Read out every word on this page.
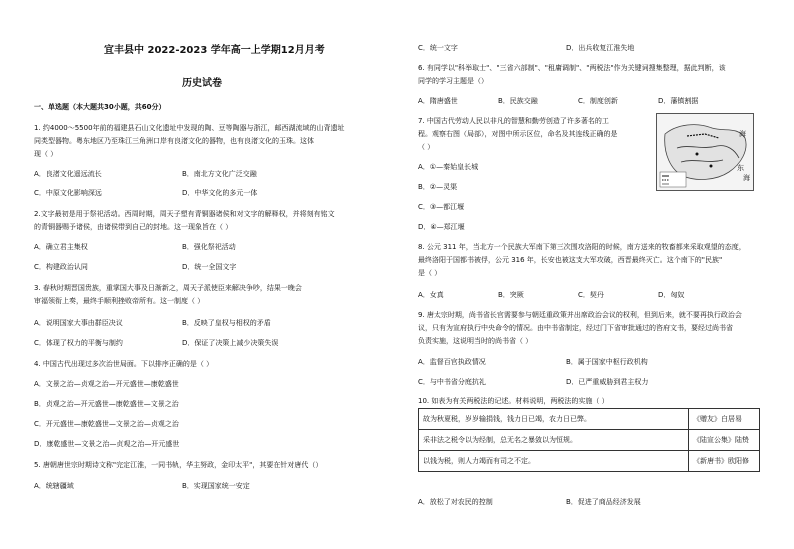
宜丰县中 2022-2023 学年高一上学期12月月考
历史试卷
一、单选题（本大题共30小题，共60分）
1. 约4000～5500年前的福建县石山文化遗址中发现的陶、豆等陶器与浙江，邮西湖流域的山背遗址
同类型器物。粤东地区乃至珠江三角洲口岸有良渚文化的器物，也有良渚文化的玉珠。这体
现（ ）
A．良渚文化遥远流长	B．南北方文化广泛交融
C．中原文化影响深远	D．中华文化的多元一体
2.文字最初是用于祭祀活动。西周时期，周天子塑有青铜器诸侯和对文字的解释权，并将刻有铭文
的青铜器赐予诸侯，由诸侯带到自己的封地。这一现象旨在（ ）
A．确立君主集权	B．强化祭祀活动
C．构建政治认同	D．统一全国文字
3. 春秋时期晋国贵族，重掌国大事及日渐新之，周天子派使臣来解决争吵，结果一晚会
审福领衔上奏，最终手顺利挫败帝所有。这一制度（ ）
A．说明国家大事由群臣决议	B．反映了皇权与相权的矛盾
C．体现了权力的平衡与制约	D．保证了决策上减少决策失误
4. 中国古代出现过多次治世局面。下以排序正确的是（ ）
A．文景之治—贞观之治—开元盛世—康乾盛世
B．贞观之治—开元盛世—康乾盛世—文景之治
C．开元盛世—康乾盛世—文景之治—贞观之治
D．康乾盛世—文景之治—贞观之治—开元盛世
5. 唐朝唐世宗时期诗文称"完定江淮，一同书轨，华主努政，金印太平"，其要在针对唐代（）
A．统辖疆域	B．实现国家统一安定
C．统一文字	D．出兵收复江淮失地
6. 有同学以"科举取士"、"三省六部制"、"租庸调制"、"两税法"作为关键词搜集整理，据此判断，该
同学的学习主题是（）
A．隋唐盛世	B．民族交融	C．制度创新	D．藩镇割据
7. 中国古代劳动人民以非凡的智慧和勤劳创造了许多著名的工
程。观察右图（局部），对图中所示区位，命名及其连线正确的是
（ ）
A．①—秦始皇长城
B．②—灵渠
C．③—都江堰
D．④—郑江堰
海
东
海
8. 公元 311 年，当北方一个民族大军南下第三次围攻洛阳的时候，南方送来的牧畜都来采取观望的态度，
最终洛阳于国都书被俘，公元 316 年，长安也被这支大军攻破，西晋最终灭亡。这个南下的"民族"
是（ ）
A．女真	B．突厥	C．契丹	D．匈奴
9. 唐太宗时期，尚书省长官需要参与朝廷重政策并出席政治会议的权利，但到后来，就不要再执行政治会
议，只有为宣府执行中央命令的情况。由中书省制定，经过门下省审批通过的咨府文书，要经过尚书省
负责实施，这说明当时的尚书省（ ）
A．监督百官执政情况	B．属于国家中枢行政机构
C．与中书省分庭抗礼	D．已严重威胁到君主权力
10. 如表为有关两税法的记述。材料说明，两税法的实施（ ）
故为秋夏税，岁岁输捐钱，钱力日已竭，农力日已弊。	《赠友》白居易
采非法之税令以为经制，总无名之暴敛以为恒规。	《陆宣公集》陆贽
以钱为税，则人力竭而有司之不定。	《新唐书》欧阳修
A．放松了对农民的控制	B．促进了商品经济发展
